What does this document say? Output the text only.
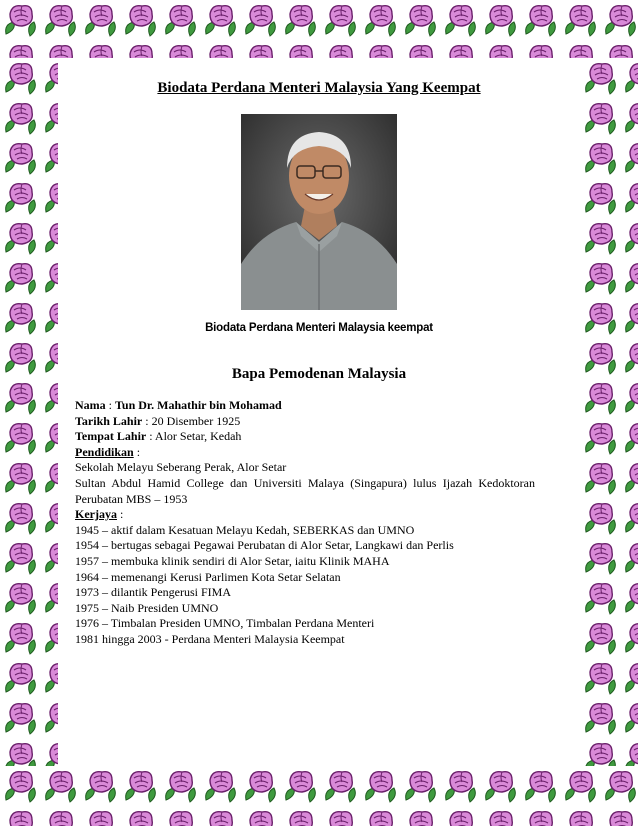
Biodata Perdana Menteri Malaysia Yang Keempat
Biodata Perdana Menteri Malaysia keempat
Bapa Pemodenan Malaysia
Nama : Tun Dr. Mahathir bin Mohamad
Tarikh Lahir : 20 Disember 1925
Tempat Lahir : Alor Setar, Kedah
Pendidikan :
Sekolah Melayu Seberang Perak, Alor Setar
Sultan Abdul Hamid College dan Universiti Malaya (Singapura) lulus Ijazah Kedoktoran Perubatan MBS – 1953
Kerjaya :
1945 – aktif dalam Kesatuan Melayu Kedah, SEBERKAS dan UMNO
1954 – bertugas sebagai Pegawai Perubatan di Alor Setar, Langkawi dan Perlis
1957 – membuka klinik sendiri di Alor Setar, iaitu Klinik MAHA
1964 – memenangi Kerusi Parlimen Kota Setar Selatan
1973 – dilantik Pengerusi FIMA
1975 – Naib Presiden UMNO
1976 – Timbalan Presiden UMNO, Timbalan Perdana Menteri
1981 hingga 2003 - Perdana Menteri Malaysia Keempat
